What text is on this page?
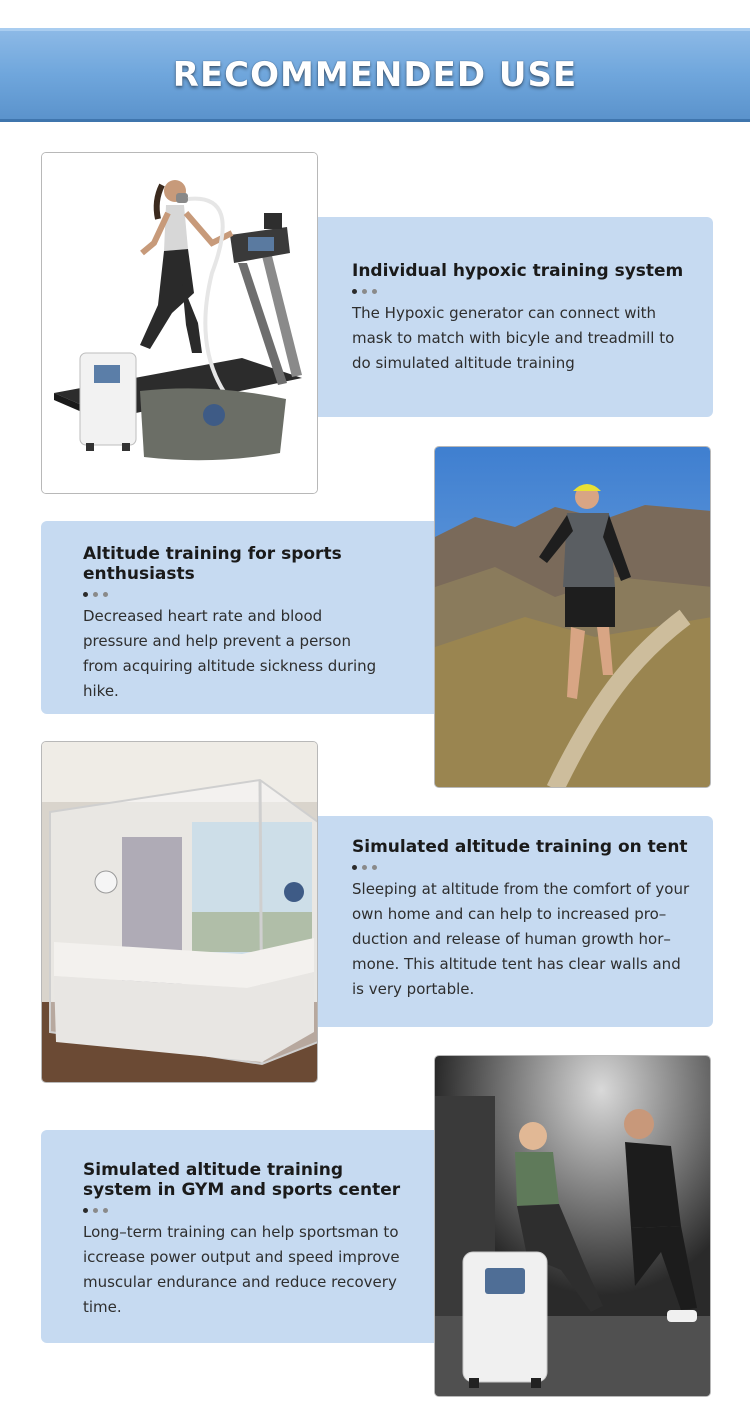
RECOMMENDED USE

Individual hypoxic training system

The Hypoxic generator can connect with mask to match with bicyle and treadmill to do simulated altitude training

Altitude training for sports enthusiasts

Decreased heart rate and blood pressure and help prevent a person from acquiring altitude sickness during hike.

Simulated altitude training on tent

Sleeping at altitude from the comfort of your own home and can help to increased pro– duction and release of human growth hor– mone. This altitude tent has clear walls and is very portable.

Simulated altitude training system in GYM and sports center

Long–term training can help sportsman to iccrease power output and speed improve muscular endurance and reduce recovery time.
